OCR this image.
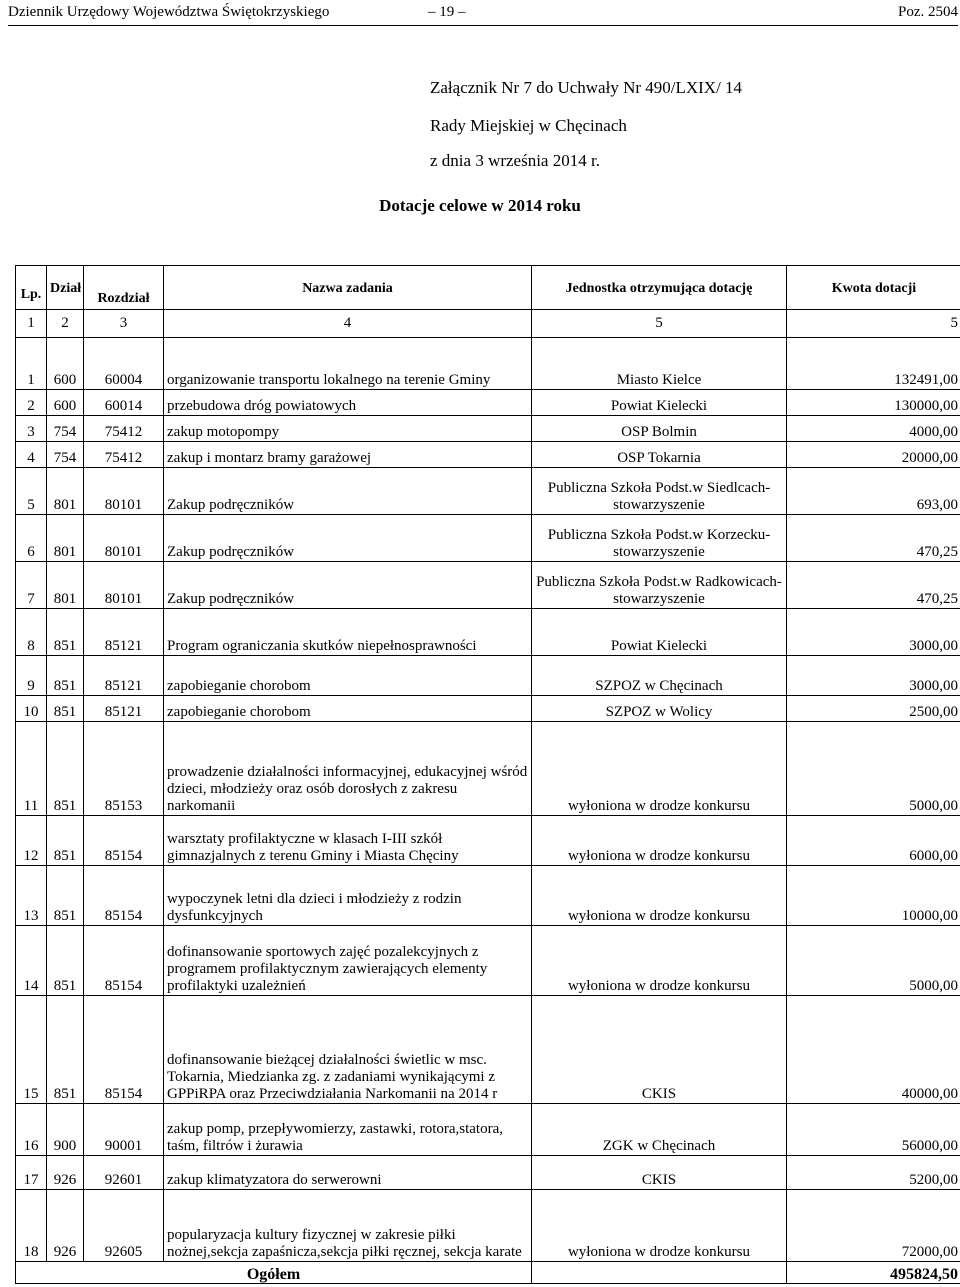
Dziennik Urzędowy Województwa Świętokrzyskiego	– 19 –	Poz. 2504
Załącznik Nr 7 do Uchwały Nr 490/LXIX/ 14
Rady Miejskiej w Chęcinach
z dnia 3 września 2014 r.
Dotacje celowe w 2014 roku
Lp.	Dział	Rozdział	Nazwa zadania	Jednostka otrzymująca dotację	Kwota dotacji
1	2	3	4	5	5
1	600	60004	organizowanie transportu lokalnego na terenie Gminy	Miasto Kielce	132491,00
2	600	60014	przebudowa dróg powiatowych	Powiat Kielecki	130000,00
3	754	75412	zakup motopompy	OSP Bolmin	4000,00
4	754	75412	zakup i montarz bramy garażowej	OSP Tokarnia	20000,00
5	801	80101	Zakup podręczników	Publiczna Szkoła Podst.w Siedlcach-stowarzyszenie	693,00
6	801	80101	Zakup podręczników	Publiczna Szkoła Podst.w Korzecku-stowarzyszenie	470,25
7	801	80101	Zakup podręczników	Publiczna Szkoła Podst.w Radkowicach-stowarzyszenie	470,25
8	851	85121	Program ograniczania skutków niepełnosprawności	Powiat Kielecki	3000,00
9	851	85121	zapobieganie chorobom	SZPOZ w Chęcinach	3000,00
10	851	85121	zapobieganie chorobom	SZPOZ w Wolicy	2500,00
11	851	85153	prowadzenie działalności informacyjnej, edukacyjnej wśród dzieci, młodzieży oraz osób dorosłych z zakresu narkomanii	wyłoniona w drodze konkursu	5000,00
12	851	85154	warsztaty profilaktyczne w klasach I-III szkół gimnazjalnych z terenu Gminy i Miasta Chęciny	wyłoniona w drodze konkursu	6000,00
13	851	85154	wypoczynek letni dla dzieci i młodzieży z rodzin dysfunkcyjnych	wyłoniona w drodze konkursu	10000,00
14	851	85154	dofinansowanie sportowych zajęć pozalekcyjnych z programem profilaktycznym zawierających elementy profilaktyki uzależnień	wyłoniona w drodze konkursu	5000,00
15	851	85154	dofinansowanie bieżącej działalności świetlic w msc. Tokarnia, Miedzianka zg. z zadaniami wynikającymi z GPPiRPA oraz Przeciwdziałania Narkomanii na 2014 r	CKIS	40000,00
16	900	90001	zakup pomp, przepływomierzy, zastawki, rotora,statora, taśm, filtrów i żurawia	ZGK w Chęcinach	56000,00
17	926	92601	zakup klimatyzatora do serwerowni	CKIS	5200,00
18	926	92605	popularyzacja kultury fizycznej w zakresie piłki nożnej,sekcja zapaśnicza,sekcja piłki ręcznej, sekcja karate	wyłoniona w drodze konkursu	72000,00
Ogółem					495824,50
